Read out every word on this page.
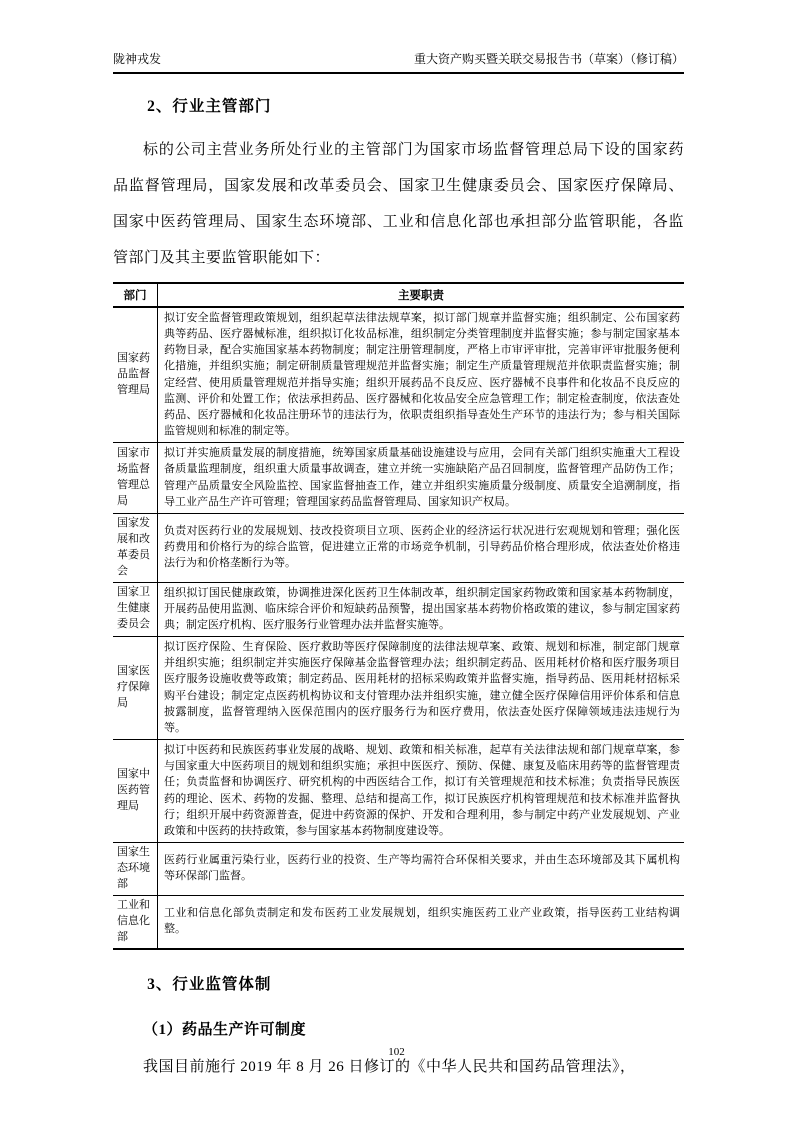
陇神戎发	重大资产购买暨关联交易报告书（草案）（修订稿）
2、行业主管部门

标的公司主营业务所处行业的主管部门为国家市场监督管理总局下设的国家药品监督管理局，国家发展和改革委员会、国家卫生健康委员会、国家医疗保障局、国家中医药管理局、国家生态环境部、工业和信息化部也承担部分监管职能，各监管部门及其主要监管职能如下：

部门	主要职责
国家药品监督管理局	拟订安全监督管理政策规划，组织起草法律法规草案，拟订部门规章并监督实施；组织制定、公布国家药典等药品、医疗器械标准，组织拟订化妆品标准，组织制定分类管理制度并监督实施；参与制定国家基本药物目录，配合实施国家基本药物制度；制定注册管理制度，严格上市审评审批，完善审评审批服务便利化措施，并组织实施；制定研制质量管理规范并监督实施；制定生产质量管理规范并依职责监督实施；制定经营、使用质量管理规范并指导实施；组织开展药品不良反应、医疗器械不良事件和化妆品不良反应的监测、评价和处置工作；依法承担药品、医疗器械和化妆品安全应急管理工作；制定检查制度，依法查处药品、医疗器械和化妆品注册环节的违法行为，依职责组织指导查处生产环节的违法行为；参与相关国际监管规则和标准的制定等。
国家市场监督管理总局	拟订并实施质量发展的制度措施，统筹国家质量基础设施建设与应用，会同有关部门组织实施重大工程设备质量监理制度，组织重大质量事故调查，建立并统一实施缺陷产品召回制度，监督管理产品防伪工作；管理产品质量安全风险监控、国家监督抽查工作，建立并组织实施质量分级制度、质量安全追溯制度，指导工业产品生产许可管理；管理国家药品监督管理局、国家知识产权局。
国家发展和改革委员会	负责对医药行业的发展规划、技改投资项目立项、医药企业的经济运行状况进行宏观规划和管理；强化医药费用和价格行为的综合监管，促进建立正常的市场竞争机制，引导药品价格合理形成，依法查处价格违法行为和价格垄断行为等。
国家卫生健康委员会	组织拟订国民健康政策，协调推进深化医药卫生体制改革，组织制定国家药物政策和国家基本药物制度，开展药品使用监测、临床综合评价和短缺药品预警，提出国家基本药物价格政策的建议，参与制定国家药典；制定医疗机构、医疗服务行业管理办法并监督实施等。
国家医疗保障局	拟订医疗保险、生育保险、医疗救助等医疗保障制度的法律法规草案、政策、规划和标准，制定部门规章并组织实施；组织制定并实施医疗保障基金监督管理办法；组织制定药品、医用耗材价格和医疗服务项目医疗服务设施收费等政策；制定药品、医用耗材的招标采购政策并监督实施，指导药品、医用耗材招标采购平台建设；制定定点医药机构协议和支付管理办法并组织实施，建立健全医疗保障信用评价体系和信息披露制度，监督管理纳入医保范围内的医疗服务行为和医疗费用，依法查处医疗保障领域违法违规行为等。
国家中医药管理局	拟订中医药和民族医药事业发展的战略、规划、政策和相关标准，起草有关法律法规和部门规章草案，参与国家重大中医药项目的规划和组织实施；承担中医医疗、预防、保健、康复及临床用药等的监督管理责任；负责监督和协调医疗、研究机构的中西医结合工作，拟订有关管理规范和技术标准；负责指导民族医药的理论、医术、药物的发掘、整理、总结和提高工作，拟订民族医疗机构管理规范和技术标准并监督执行；组织开展中药资源普查，促进中药资源的保护、开发和合理利用，参与制定中药产业发展规划、产业政策和中医药的扶持政策，参与国家基本药物制度建设等。
国家生态环境部	医药行业属重污染行业，医药行业的投资、生产等均需符合环保相关要求，并由生态环境部及其下属机构等环保部门监督。
工业和信息化部	工业和信息化部负责制定和发布医药工业发展规划，组织实施医药工业产业政策，指导医药工业结构调整。
3、行业监管体制
（1）药品生产许可制度

我国目前施行 2019 年 8 月 26 日修订的《中华人民共和国药品管理法》，

102
